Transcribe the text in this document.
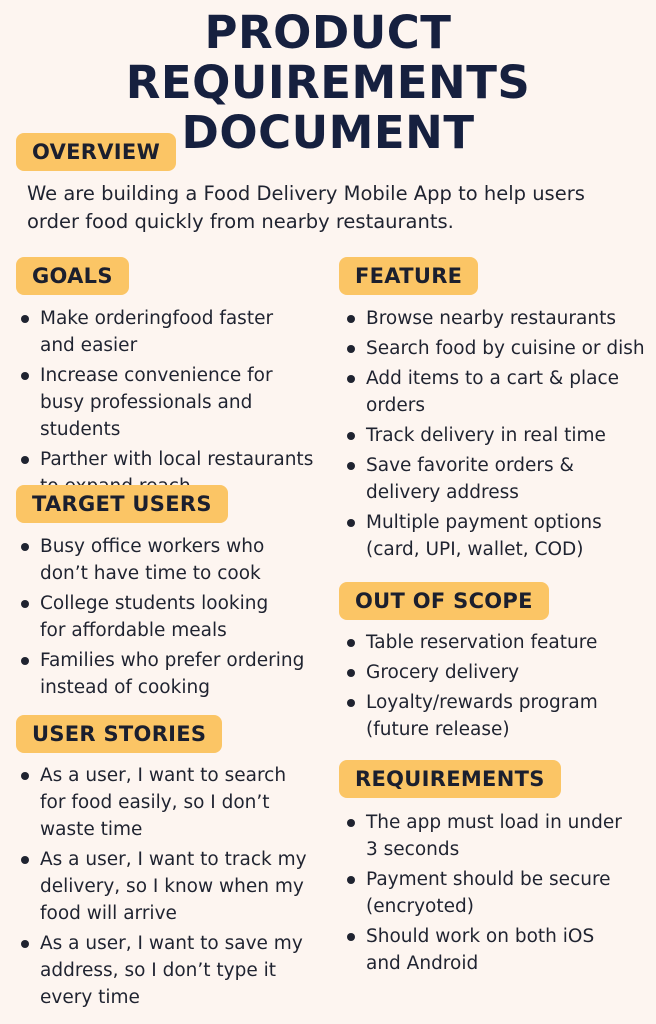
PRODUCT REQUIREMENTS
DOCUMENT
OVERVIEW
We are building a Food Delivery Mobile App to help users order food quickly from nearby restaurants.
GOALS
Make orderingfood faster
and easier
Increase convenience for
busy professionals and students
Parther with local restaurants
TARGET USERS
Busy office workers who
don’t have time to cook
College students looking
for affordable meals
Families who prefer ordering
instead of cooking
USER STORIES
As a user, I want to search
for food easily, so I don’t
waste time
As a user, I want to track my
delivery, so I know when my
food will arrive
As a user, I want to save my
address, so I don’t type it
every time
FEATURE
Browse nearby restaurants
Search food by cuisine or dish
Add items to a cart & place
orders
Track delivery in real time
Save favorite orders &
delivery address
Multiple payment options
(card, UPI, wallet, COD)
OUT OF SCOPE
Table reservation feature
Grocery delivery
Loyalty/rewards program
(future release)
REQUIREMENTS
The app must load in under
3 seconds
Payment should be secure
(encryoted)
Should work on both iOS
and Android
